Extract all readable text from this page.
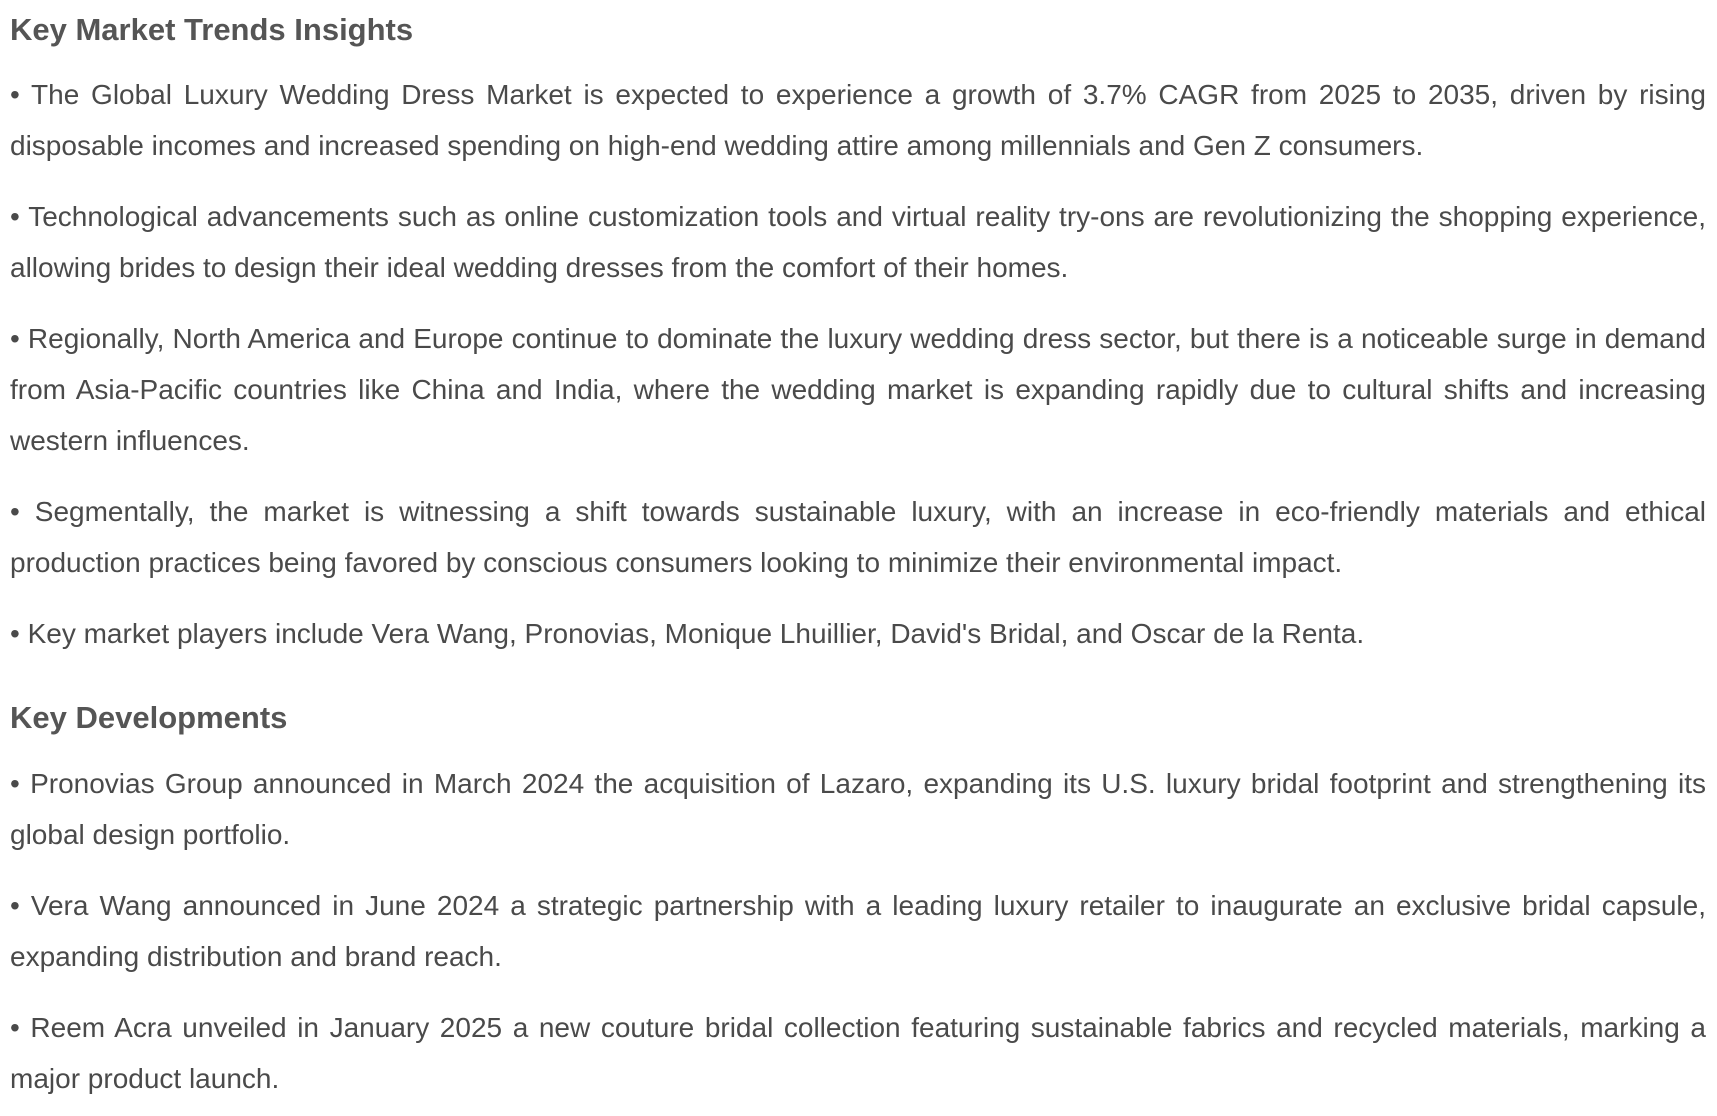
Key Market Trends Insights

• The Global Luxury Wedding Dress Market is expected to experience a growth of 3.7% CAGR from 2025 to 2035, driven by rising disposable incomes and increased spending on high-end wedding attire among millennials and Gen Z consumers.

• Technological advancements such as online customization tools and virtual reality try-ons are revolutionizing the shopping experience, allowing brides to design their ideal wedding dresses from the comfort of their homes.

• Regionally, North America and Europe continue to dominate the luxury wedding dress sector, but there is a noticeable surge in demand from Asia-Pacific countries like China and India, where the wedding market is expanding rapidly due to cultural shifts and increasing western influences.

• Segmentally, the market is witnessing a shift towards sustainable luxury, with an increase in eco-friendly materials and ethical production practices being favored by conscious consumers looking to minimize their environmental impact.

• Key market players include Vera Wang, Pronovias, Monique Lhuillier, David's Bridal, and Oscar de la Renta.

Key Developments

• Pronovias Group announced in March 2024 the acquisition of Lazaro, expanding its U.S. luxury bridal footprint and strengthening its global design portfolio.

• Vera Wang announced in June 2024 a strategic partnership with a leading luxury retailer to inaugurate an exclusive bridal capsule, expanding distribution and brand reach.

• Reem Acra unveiled in January 2025 a new couture bridal collection featuring sustainable fabrics and recycled materials, marking a major product launch.
